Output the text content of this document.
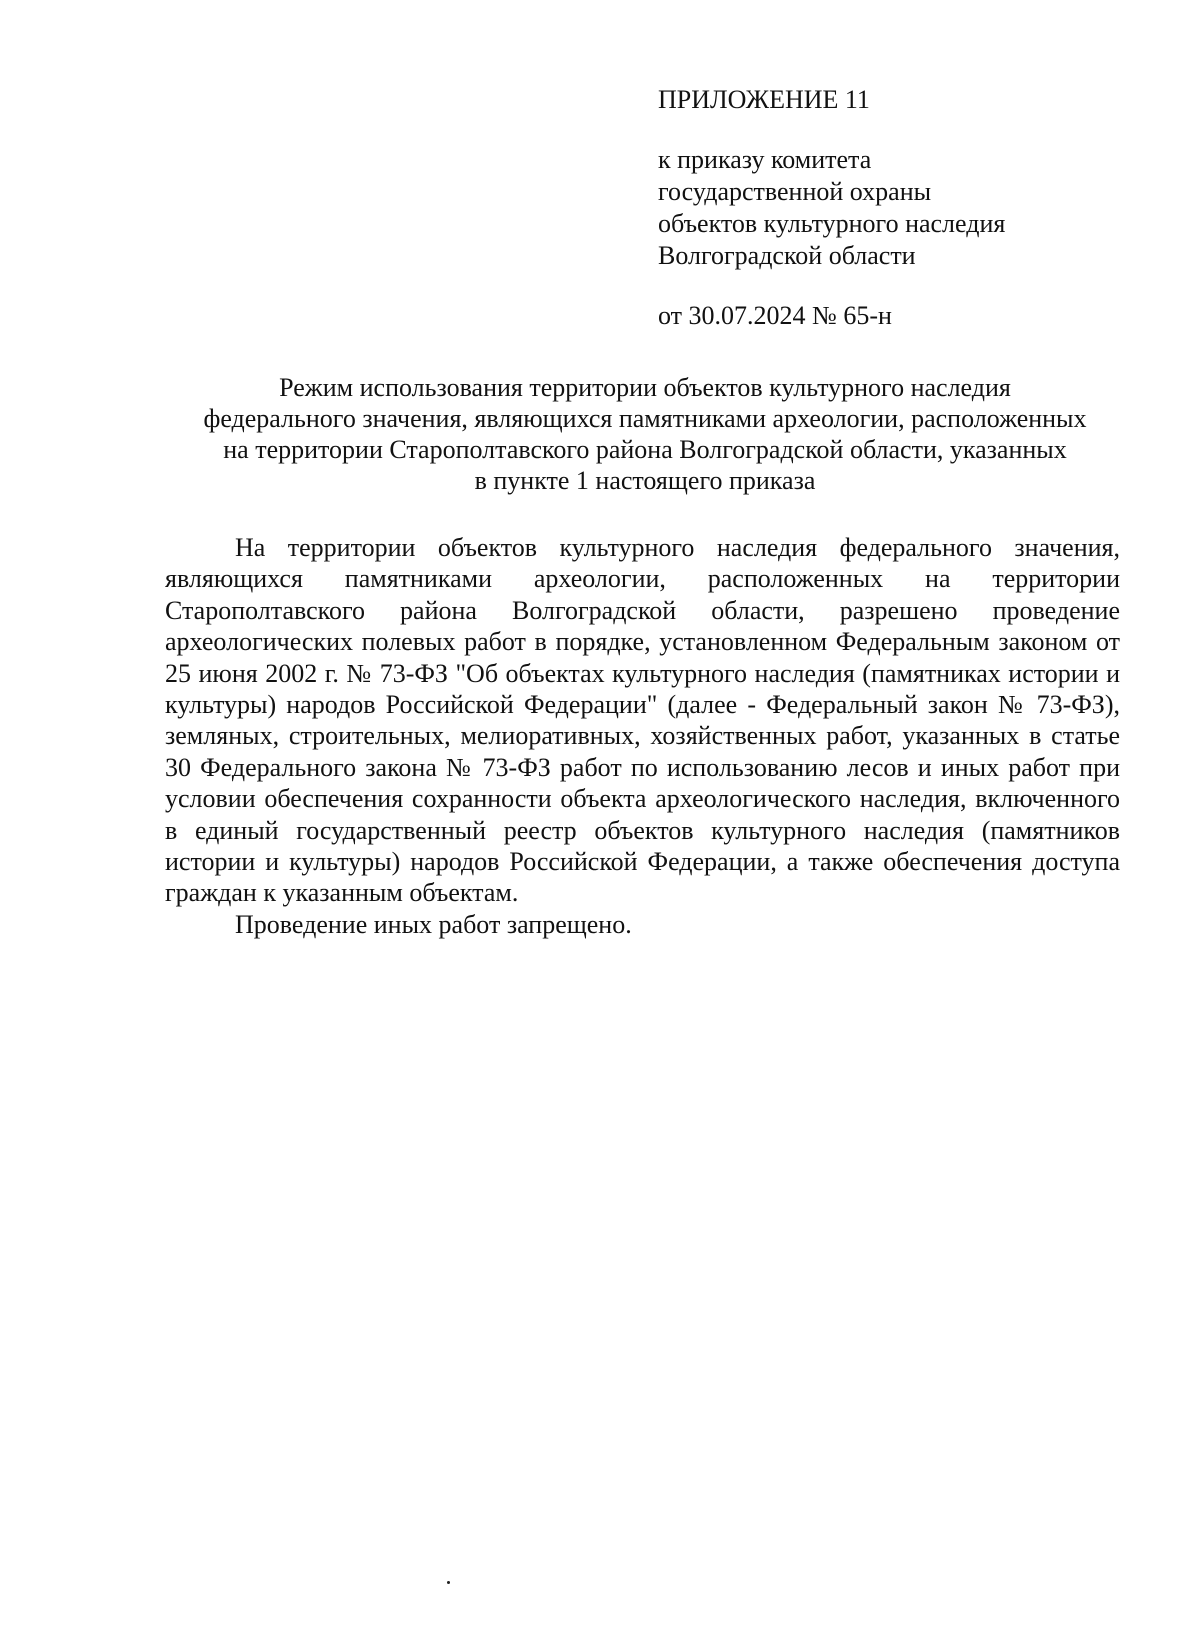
ПРИЛОЖЕНИЕ 11
к приказу комитета
государственной охраны
объектов культурного наследия
Волгоградской области
от 30.07.2024 № 65-н
Режим использования территории объектов культурного наследия
федерального значения, являющихся памятниками археологии, расположенных
на территории Старополтавского района Волгоградской области, указанных
в пункте 1 настоящего приказа

На территории объектов культурного наследия федерального значения, являющихся памятниками археологии, расположенных на территории Старополтавского района Волгоградской области, разрешено проведение археологических полевых работ в порядке, установленном Федеральным законом от 25 июня 2002 г. № 73-ФЗ "Об объектах культурного наследия (памятниках истории и культуры) народов Российской Федерации" (далее - Федеральный закон № 73-ФЗ), земляных, строительных, мелиоративных, хозяйственных работ, указанных в статье 30 Федерального закона № 73-ФЗ работ по использованию лесов и иных работ при условии обеспечения сохранности объекта археологического наследия, включенного в единый государственный реестр объектов культурного наследия (памятников истории и культуры) народов Российской Федерации, а также обеспечения доступа граждан к указанным объектам.

Проведение иных работ запрещено.
